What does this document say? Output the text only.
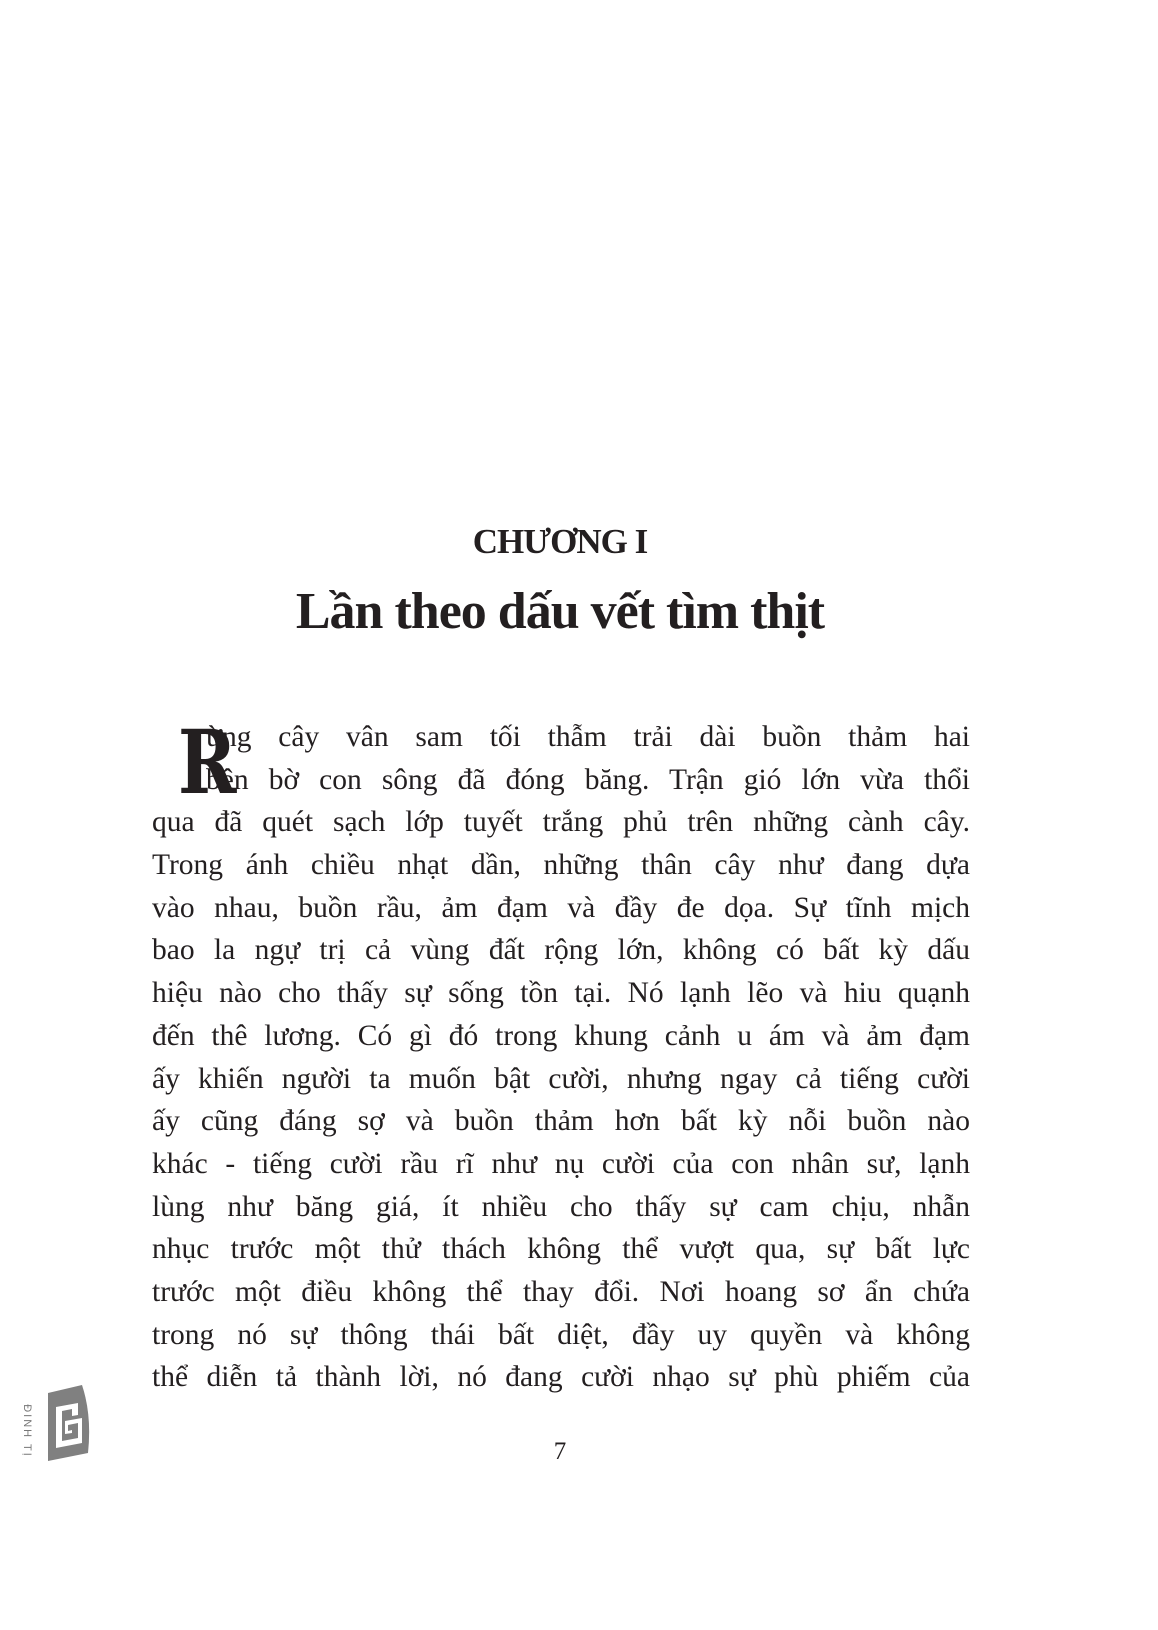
CHƯƠNG I
Lần theo dấu vết tìm thịt
R
ừng cây vân sam tối thẫm trải dài buồn thảm hai
bên bờ con sông đã đóng băng. Trận gió lớn vừa thổi
qua đã quét sạch lớp tuyết trắng phủ trên những cành cây.
Trong ánh chiều nhạt dần, những thân cây như đang dựa
vào nhau, buồn rầu, ảm đạm và đầy đe dọa. Sự tĩnh mịch
bao la ngự trị cả vùng đất rộng lớn, không có bất kỳ dấu
hiệu nào cho thấy sự sống tồn tại. Nó lạnh lẽo và hiu quạnh
đến thê lương. Có gì đó trong khung cảnh u ám và ảm đạm
ấy khiến người ta muốn bật cười, nhưng ngay cả tiếng cười
ấy cũng đáng sợ và buồn thảm hơn bất kỳ nỗi buồn nào
khác - tiếng cười rầu rĩ như nụ cười của con nhân sư, lạnh
lùng như băng giá, ít nhiều cho thấy sự cam chịu, nhẫn
nhục trước một thử thách không thể vượt qua, sự bất lực
trước một điều không thể thay đổi. Nơi hoang sơ ẩn chứa
trong nó sự thông thái bất diệt, đầy uy quyền và không
thể diễn tả thành lời, nó đang cười nhạo sự phù phiếm của
ĐINH TỊ	7
